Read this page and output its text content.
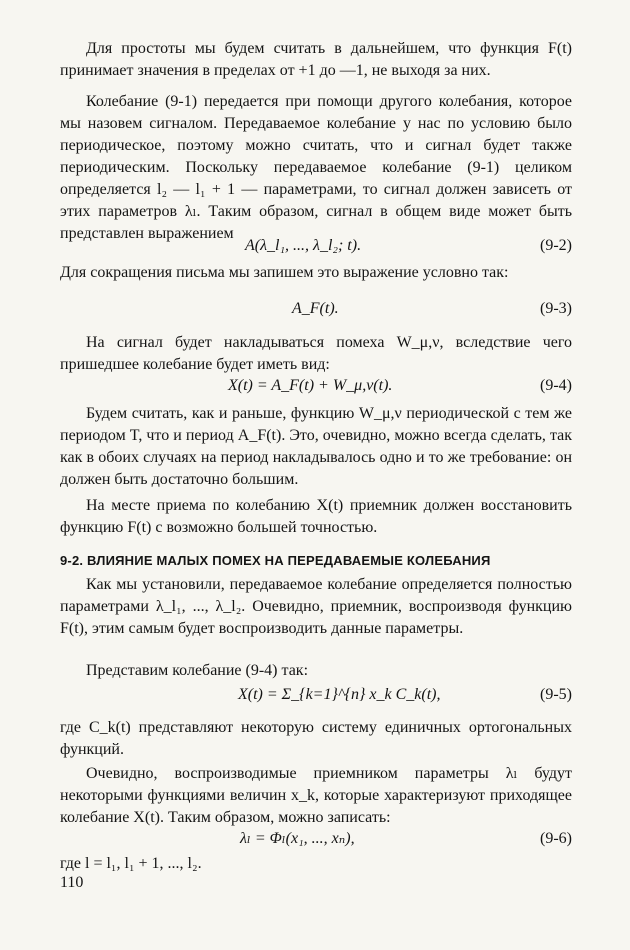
Для простоты мы будем считать в дальнейшем, что функция F(t) принимает значения в пределах от +1 до —1, не выходя за них.

Колебание (9-1) передается при помощи другого колебания, которое мы назовем сигналом. Передаваемое колебание у нас по условию было периодическое, поэтому можно считать, что и сигнал будет также периодическим. Поскольку передаваемое колебание (9-1) целиком определяется l₂ — l₁ + 1 — параметрами, то сигнал должен зависеть от этих параметров λₗ. Таким образом, сигнал в общем виде может быть представлен выражением

A(λ_l₁, ..., λ_l₂; t).	(9-2)

Для сокращения письма мы запишем это выражение условно так:

A_F(t).	(9-3)

На сигнал будет накладываться помеха W_μ,ν, вследствие чего пришедшее колебание будет иметь вид:

X(t) = A_F(t) + W_μ,ν(t).	(9-4)

Будем считать, как и раньше, функцию W_μ,ν периодической с тем же периодом T, что и период A_F(t). Это, очевидно, можно всегда сделать, так как в обоих случаях на период накладывалось одно и то же требование: он должен быть достаточно большим.

На месте приема по колебанию X(t) приемник должен восстановить функцию F(t) с возможно большей точностью.

9-2. ВЛИЯНИЕ МАЛЫХ ПОМЕХ НА ПЕРЕДАВАЕМЫЕ КОЛЕБАНИЯ

Как мы установили, передаваемое колебание определяется полностью параметрами λ_l₁, ..., λ_l₂. Очевидно, приемник, воспроизводя функцию F(t), этим самым будет воспроизводить данные параметры.

Представим колебание (9-4) так:

X(t) = Σ_{k=1}^{n} x_k C_k(t),	(9-5)

где C_k(t) представляют некоторую систему единичных ортогональных функций.

Очевидно, воспроизводимые приемником параметры λₗ будут некоторыми функциями величин x_k, которые характеризуют приходящее колебание X(t). Таким образом, можно записать:

λₗ = Φₗ(x₁, ..., xₙ),	(9-6)

где l = l₁, l₁ + 1, ..., l₂.

110
